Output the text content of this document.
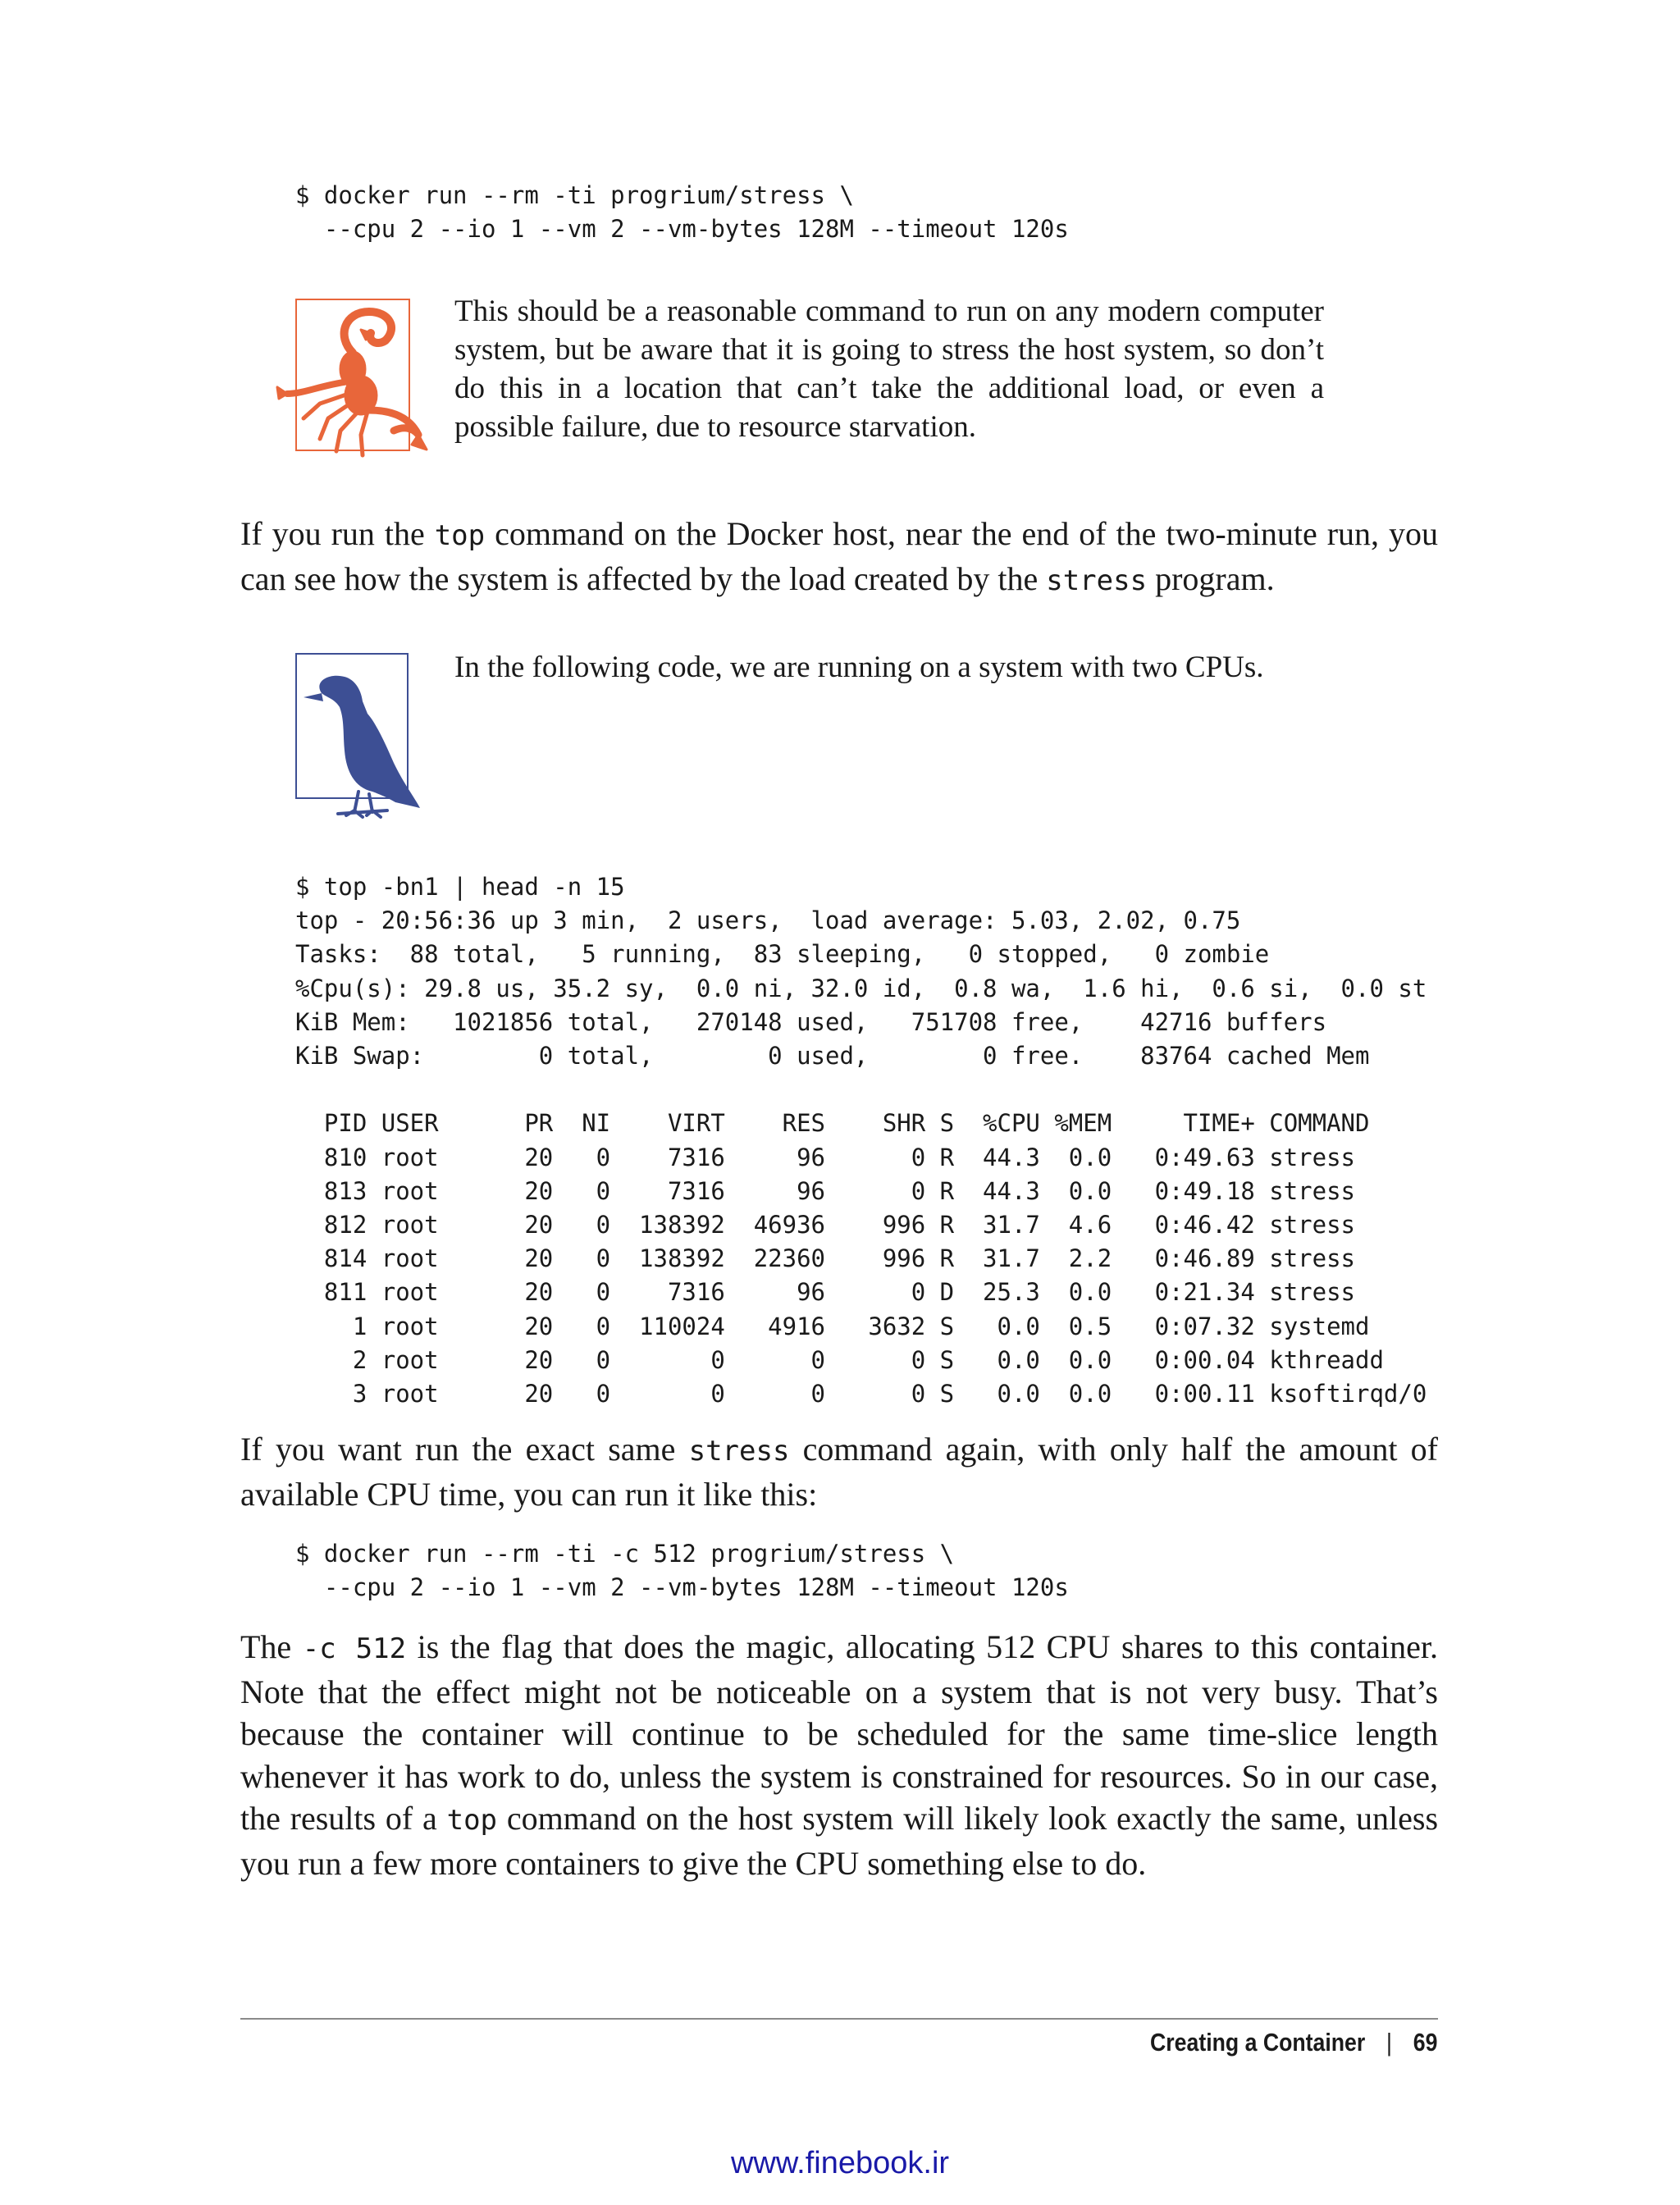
$ docker run --rm -ti progrium/stress \
--cpu 2 --io 1 --vm 2 --vm-bytes 128M --timeout 120s

This should be a reasonable command to run on any modern computer system, but be aware that it is going to stress the host system, so don’t do this in a location that can’t take the additional load, or even a possible failure, due to resource starvation.

If you run the top command on the Docker host, near the end of the two-minute run, you can see how the system is affected by the load created by the stress program.

In the following code, we are running on a system with two CPUs.

$ top -bn1 | head -n 15
top - 20:56:36 up 3 min,  2 users,  load average: 5.03, 2.02, 0.75
Tasks:  88 total,   5 running,  83 sleeping,   0 stopped,   0 zombie
%Cpu(s): 29.8 us, 35.2 sy,  0.0 ni, 32.0 id,  0.8 wa,  1.6 hi,  0.6 si,  0.0 st
KiB Mem:   1021856 total,   270148 used,   751708 free,    42716 buffers
KiB Swap:        0 total,        0 used,        0 free.    83764 cached Mem

PID USER      PR  NI    VIRT    RES    SHR S  %CPU %MEM     TIME+ COMMAND
810 root      20   0    7316     96      0 R  44.3  0.0   0:49.63 stress
813 root      20   0    7316     96      0 R  44.3  0.0   0:49.18 stress
812 root      20   0  138392  46936    996 R  31.7  4.6   0:46.42 stress
814 root      20   0  138392  22360    996 R  31.7  2.2   0:46.89 stress
811 root      20   0    7316     96      0 D  25.3  0.0   0:21.34 stress
1 root      20   0  110024   4916   3632 S   0.0  0.5   0:07.32 systemd
2 root      20   0       0      0      0 S   0.0  0.0   0:00.04 kthreadd
3 root      20   0       0      0      0 S   0.0  0.0   0:00.11 ksoftirqd/0

If you want run the exact same stress command again, with only half the amount of available CPU time, you can run it like this:

$ docker run --rm -ti -c 512 progrium/stress \
--cpu 2 --io 1 --vm 2 --vm-bytes 128M --timeout 120s

The -c 512 is the flag that does the magic, allocating 512 CPU shares to this container. Note that the effect might not be noticeable on a system that is not very busy. That’s because the container will continue to be scheduled for the same time-slice length whenever it has work to do, unless the system is constrained for resources. So in our case, the results of a top command on the host system will likely look exactly the same, unless you run a few more containers to give the CPU something else to do.

Creating a Container | 69
www.finebook.ir
